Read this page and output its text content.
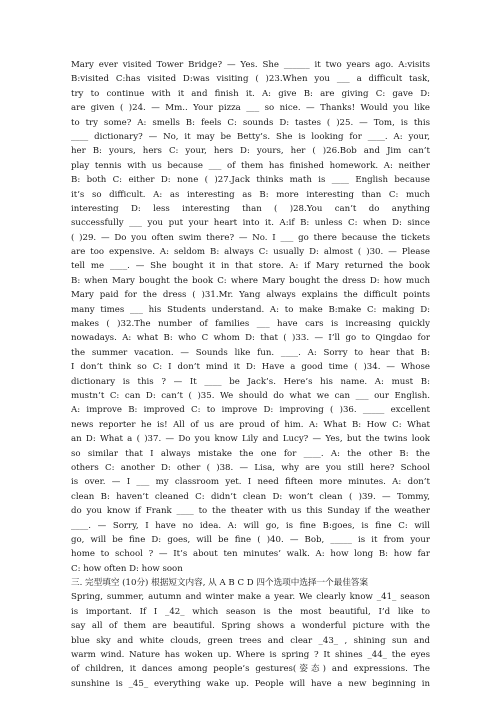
Mary ever visited Tower Bridge? — Yes. She ______ it two years ago. A:visits
B:visited C:has visited D:was visiting ( )23.When you ___ a difficult task,
try to continue with it and finish it. A: give B: are giving C: gave D:
are given ( )24. — Mm.. Your pizza ___ so nice. — Thanks! Would you like
to try some? A: smells B: feels C: sounds D: tastes ( )25. — Tom, is this
____ dictionary? — No, it may be Betty’s. She is looking for ____. A: your,
her B: yours, hers C: your, hers D: yours, her ( )26.Bob and Jim can’t
play tennis with us because ___ of them has finished homework. A: neither
B: both C: either D: none ( )27.Jack thinks math is ____ English because
it’s so difficult. A: as interesting as B: more interesting than C: much
interesting D: less interesting than ( )28.You can’t do anything
successfully ___ you put your heart into it. A:if B: unless C: when D: since
( )29. — Do you often swim there? — No. I ___ go there because the tickets
are too expensive. A: seldom B: always C: usually D: almost ( )30. — Please
tell me ____. — She bought it in that store. A: if Mary returned the book
B: when Mary bought the book C: where Mary bought the dress D: how much
Mary paid for the dress ( )31.Mr. Yang always explains the difficult points
many times ___ his Students understand. A: to make B:make C: making D:
makes ( )32.The number of families ___ have cars is increasing quickly
nowadays. A: what B: who C whom D: that ( )33. — I’ll go to Qingdao for
the summer vacation. — Sounds like fun. ____. A: Sorry to hear that B:
I don’t think so C: I don’t mind it D: Have a good time ( )34. — Whose
dictionary is this ? — It ____ be Jack’s. Here’s his name. A: must B:
mustn’t C: can D: can’t ( )35. We should do what we can ___ our English.
A: improve B: improved C: to improve D: improving ( )36. _____ excellent
news reporter he is! All of us are proud of him. A: What B: How C: What
an D: What a ( )37. — Do you know Lily and Lucy? — Yes, but the twins look
so similar that I always mistake the one for ____. A: the other B: the
others C: another D: other ( )38. — Lisa, why are you still here? School
is over. — I ___ my classroom yet. I need fifteen more minutes. A: don’t
clean B: haven’t cleaned C: didn’t clean D: won’t clean ( )39. — Tommy,
do you know if Frank ____ to the theater with us this Sunday if the weather
____. — Sorry, I have no idea. A: will go, is fine B:goes, is fine C: will
go, will be fine D: goes, will be fine ( )40. — Bob, _____ is it from your
home to school ? — It’s about ten minutes’ walk. A: how long B: how far
C: how often D: how soon
三. 完型填空 (10分) 根据短文内容, 从 A B C D 四个选项中选择一个最佳答案
Spring, summer, autumn and winter make a year. We clearly know _41_ season
is important. If I _42_ which season is the most beautiful, I’d like to
say all of them are beautiful. Spring shows a wonderful picture with the
blue sky and white clouds, green trees and clear _43_ , shining sun and
warm wind. Nature has woken up. Where is spring ? It shines _44_ the eyes
of children, it dances among people’s gestures(姿态) and expressions. The
sunshine is _45_ everything wake up. People will have a new beginning in
